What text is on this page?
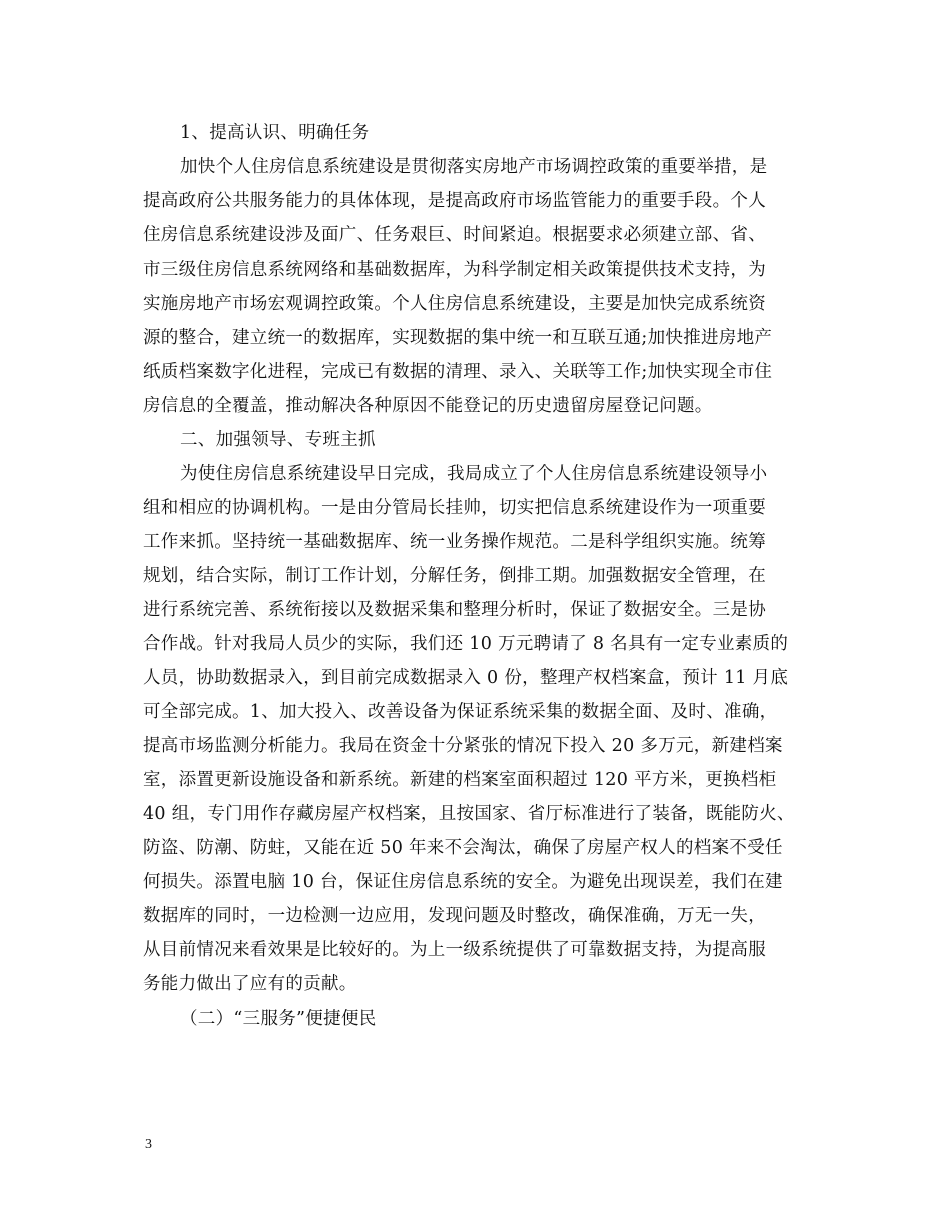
1、提高认识、明确任务
加快个人住房信息系统建设是贯彻落实房地产市场调控政策的重要举措，是
提高政府公共服务能力的具体体现，是提高政府市场监管能力的重要手段。个人
住房信息系统建设涉及面广、任务艰巨、时间紧迫。根据要求必须建立部、省、
市三级住房信息系统网络和基础数据库，为科学制定相关政策提供技术支持，为
实施房地产市场宏观调控政策。个人住房信息系统建设，主要是加快完成系统资
源的整合，建立统一的数据库，实现数据的集中统一和互联互通;加快推进房地产
纸质档案数字化进程，完成已有数据的清理、录入、关联等工作;加快实现全市住
房信息的全覆盖，推动解决各种原因不能登记的历史遗留房屋登记问题。
二、加强领导、专班主抓
为使住房信息系统建设早日完成，我局成立了个人住房信息系统建设领导小
组和相应的协调机构。一是由分管局长挂帅，切实把信息系统建设作为一项重要
工作来抓。坚持统一基础数据库、统一业务操作规范。二是科学组织实施。统筹
规划，结合实际，制订工作计划，分解任务，倒排工期。加强数据安全管理，在
进行系统完善、系统衔接以及数据采集和整理分析时，保证了数据安全。三是协
合作战。针对我局人员少的实际，我们还 10 万元聘请了 8 名具有一定专业素质的
人员，协助数据录入，到目前完成数据录入 0 份，整理产权档案盒，预计 11 月底
可全部完成。1、加大投入、改善设备为保证系统采集的数据全面、及时、准确，
提高市场监测分析能力。我局在资金十分紧张的情况下投入 20 多万元，新建档案
室，添置更新设施设备和新系统。新建的档案室面积超过 120 平方米，更换档柜
40 组，专门用作存藏房屋产权档案，且按国家、省厅标准进行了装备，既能防火、
防盗、防潮、防蛀，又能在近 50 年来不会淘汰，确保了房屋产权人的档案不受任
何损失。添置电脑 10 台，保证住房信息系统的安全。为避免出现误差，我们在建
数据库的同时，一边检测一边应用，发现问题及时整改，确保准确，万无一失，
从目前情况来看效果是比较好的。为上一级系统提供了可靠数据支持，为提高服
务能力做出了应有的贡献。
（二）“三服务”便捷便民
3
